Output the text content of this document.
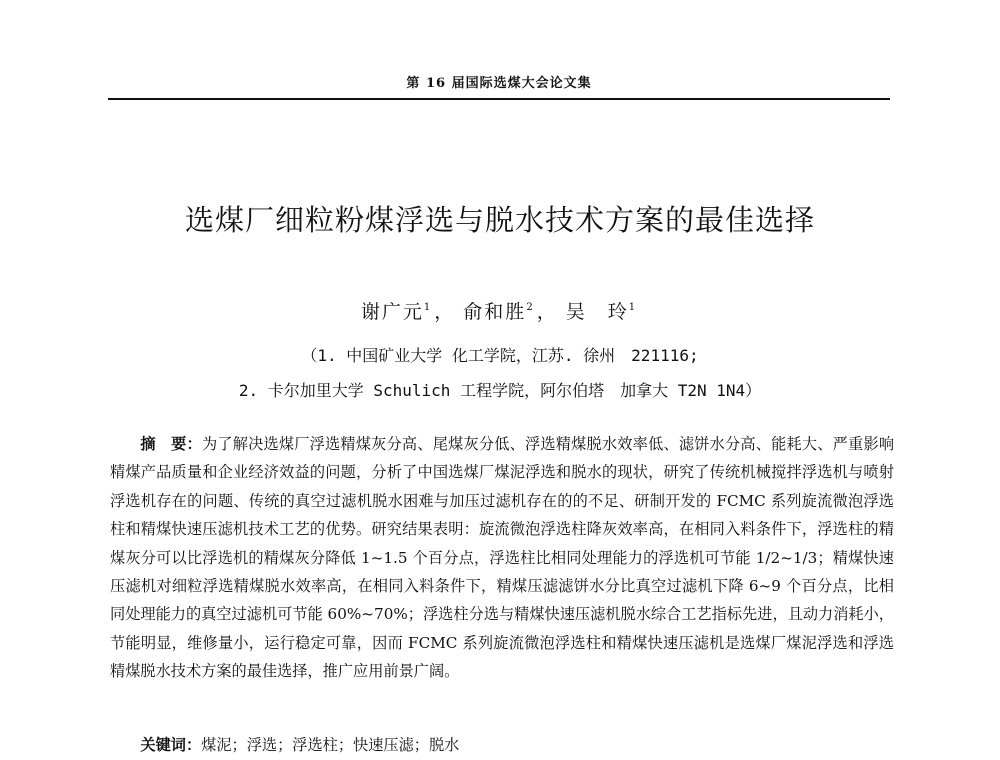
第 16 届国际选煤大会论文集
选煤厂细粒粉煤浮选与脱水技术方案的最佳选择
谢广元$^1$ ， 俞和胜$^2$ ， 吴　玲$^1$
（1. 中国矿业大学 化工学院，江苏. 徐州　221116;
2. 卡尔加里大学 Schulich 工程学院，阿尔伯塔　加拿大 T2N 1N4）

摘　要：为了解决选煤厂浮选精煤灰分高、尾煤灰分低、浮选精煤脱水效率低、滤饼水分高、能耗大、严重影响精煤产品质量和企业经济效益的问题，分析了中国选煤厂煤泥浮选和脱水的现状，研究了传统机械搅拌浮选机与喷射浮选机存在的问题、传统的真空过滤机脱水困难与加压过滤机存在的的不足、研制开发的 FCMC 系列旋流微泡浮选柱和精煤快速压滤机技术工艺的优势。研究结果表明：旋流微泡浮选柱降灰效率高，在相同入料条件下，浮选柱的精煤灰分可以比浮选机的精煤灰分降低 1~1.5 个百分点，浮选柱比相同处理能力的浮选机可节能 1/2~1/3；精煤快速压滤机对细粒浮选精煤脱水效率高，在相同入料条件下，精煤压滤滤饼水分比真空过滤机下降 6~9 个百分点，比相同处理能力的真空过滤机可节能 60%~70%；浮选柱分选与精煤快速压滤机脱水综合工艺指标先进，且动力消耗小，节能明显，维修量小，运行稳定可靠，因而 FCMC 系列旋流微泡浮选柱和精煤快速压滤机是选煤厂煤泥浮选和浮选精煤脱水技术方案的最佳选择，推广应用前景广阔。

关键词：煤泥；浮选；浮选柱；快速压滤；脱水
